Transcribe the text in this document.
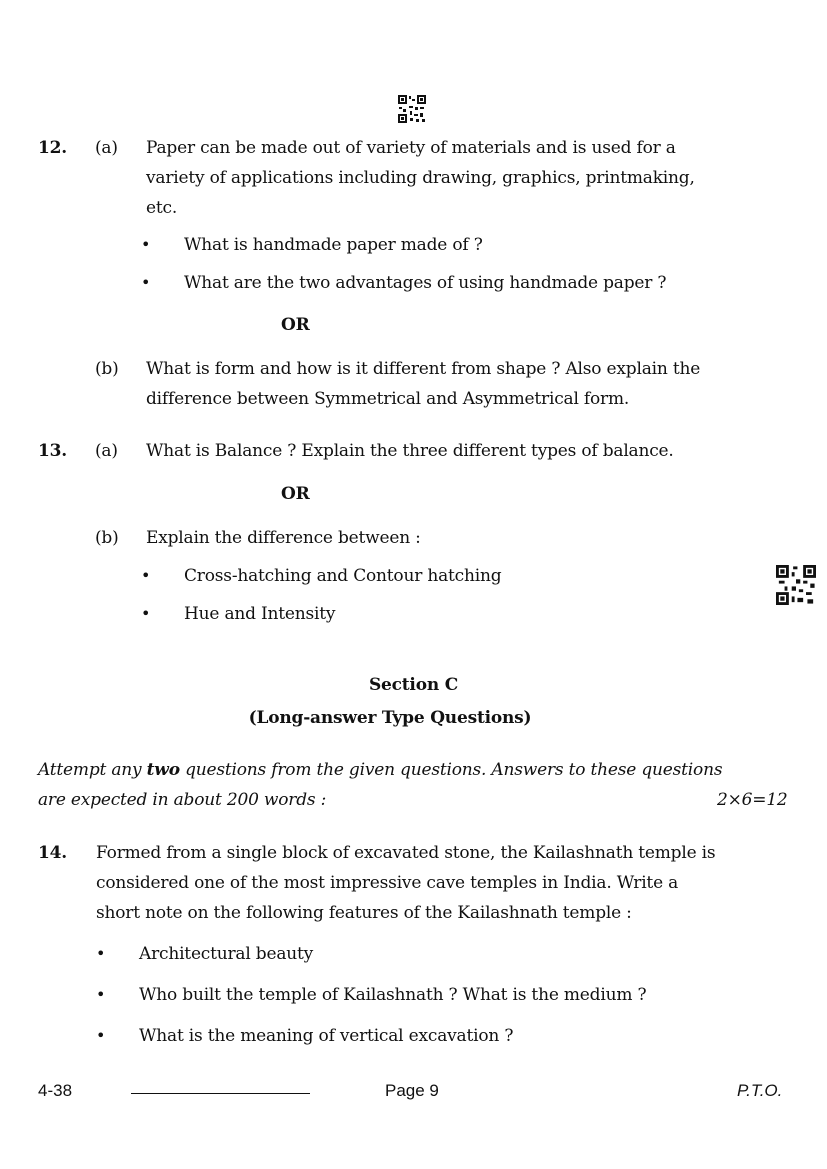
12. (a) Paper can be made out of variety of materials and is used for a
variety of applications including drawing, graphics, printmaking,
etc.
• What is handmade paper made of ?
• What are the two advantages of using handmade paper ?
OR
(b) What is form and how is it different from shape ? Also explain the
difference between Symmetrical and Asymmetrical form.
13. (a) What is Balance ? Explain the three different types of balance.
OR
(b) Explain the difference between :
• Cross-hatching and Contour hatching
• Hue and Intensity
Section C
(Long-answer Type Questions)
Attempt any two questions from the given questions. Answers to these questions
are expected in about 200 words :	2×6=12
14. Formed from a single block of excavated stone, the Kailashnath temple is
considered one of the most impressive cave temples in India. Write a
short note on the following features of the Kailashnath temple :
• Architectural beauty
• Who built the temple of Kailashnath ? What is the medium ?
• What is the meaning of vertical excavation ?
4-38	Page 9	P.T.O.
